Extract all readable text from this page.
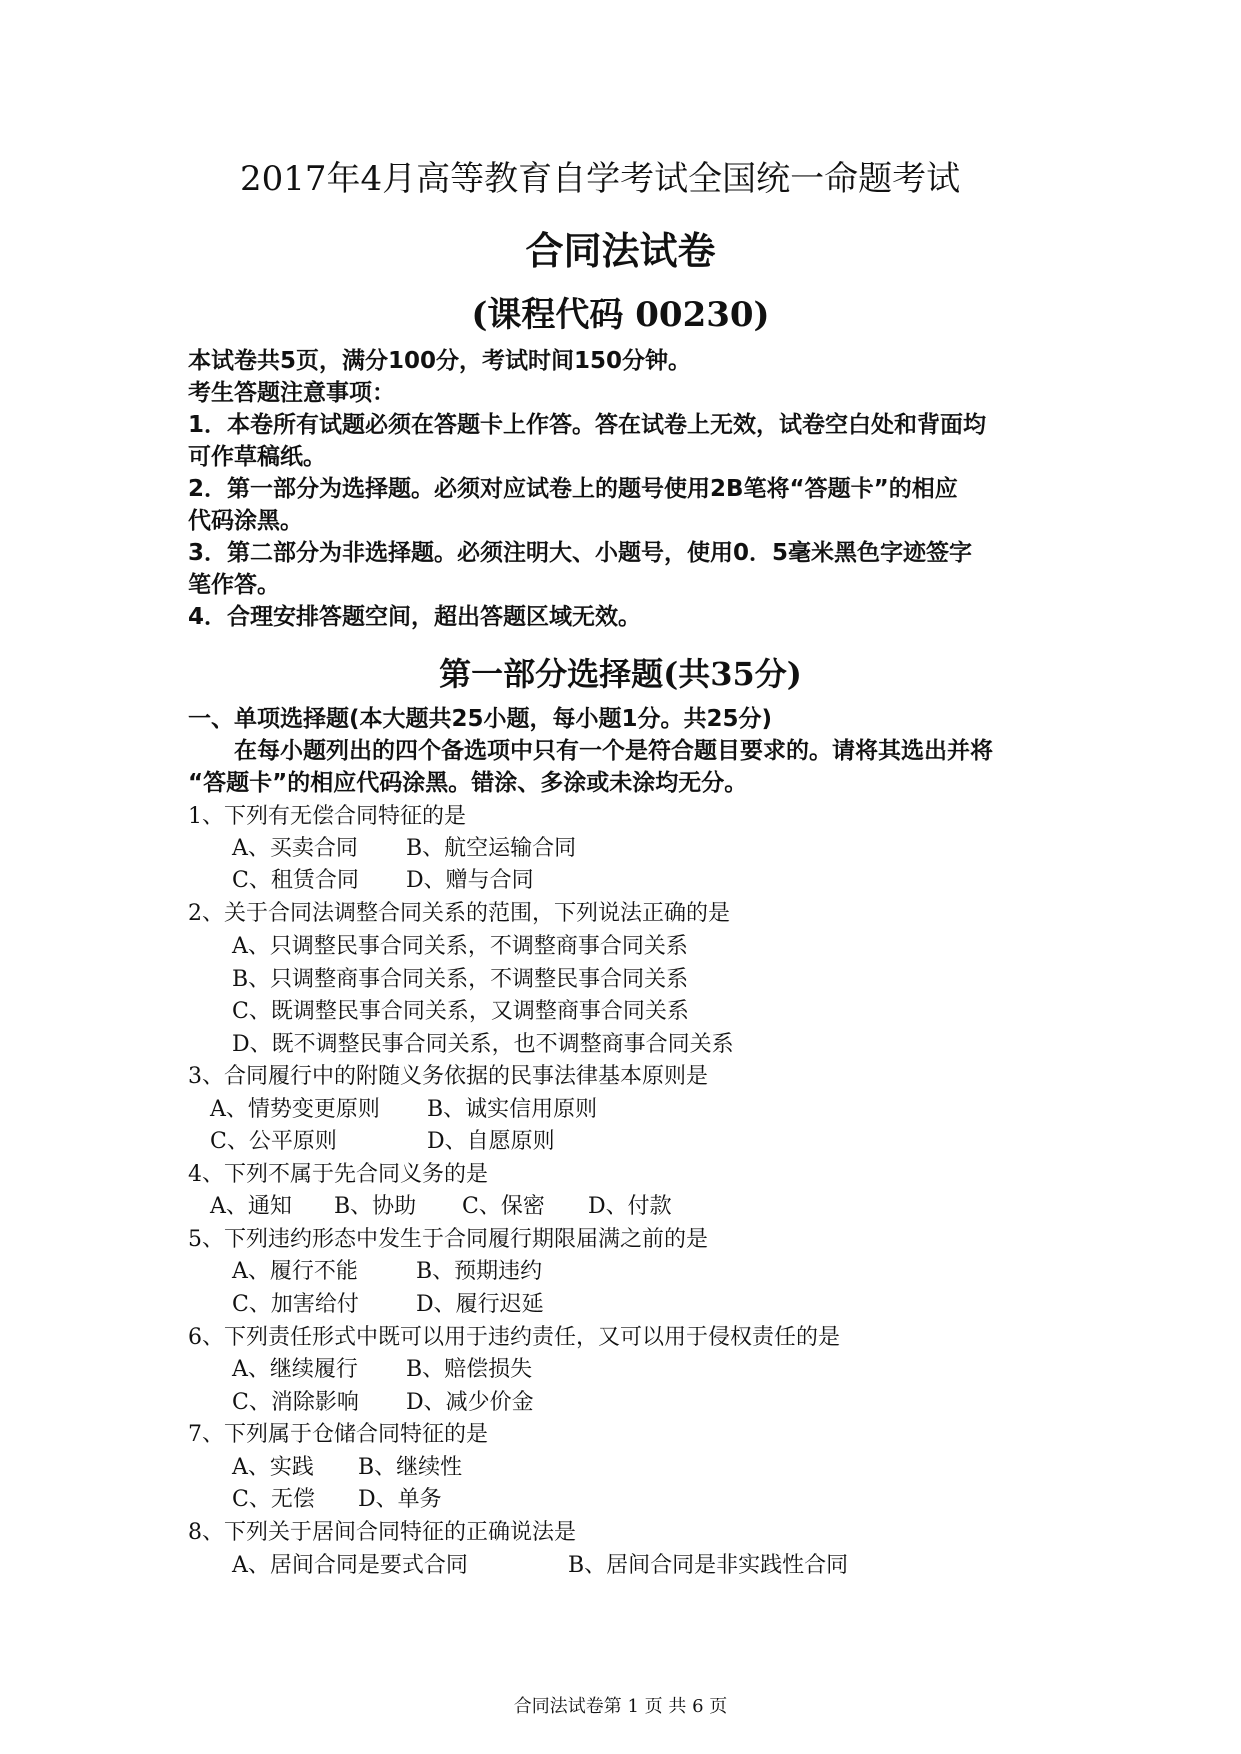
2017年4月高等教育自学考试全国统一命题考试
合同法试卷
(课程代码 00230)
本试卷共5页，满分100分，考试时间150分钟。
考生答题注意事项：
1．本卷所有试题必须在答题卡上作答。答在试卷上无效，试卷空白处和背面均
可作草稿纸。
2．第一部分为选择题。必须对应试卷上的题号使用2B笔将“答题卡”的相应
代码涂黑。
3．第二部分为非选择题。必须注明大、小题号，使用0．5毫米黑色字迹签字
笔作答。
4．合理安排答题空间，超出答题区域无效。
第一部分选择题(共35分)
一、单项选择题(本大题共25小题，每小题1分。共25分)
在每小题列出的四个备选项中只有一个是符合题目要求的。请将其选出并将
“答题卡”的相应代码涂黑。错涂、多涂或未涂均无分。
1、下列有无偿合同特征的是
A、买卖合同 B、航空运输合同
C、租赁合同 D、赠与合同
2、关于合同法调整合同关系的范围，下列说法正确的是
A、只调整民事合同关系，不调整商事合同关系
B、只调整商事合同关系，不调整民事合同关系
C、既调整民事合同关系，又调整商事合同关系
D、既不调整民事合同关系，也不调整商事合同关系
3、合同履行中的附随义务依据的民事法律基本原则是
A、情势变更原则 B、诚实信用原则
C、公平原则	D、自愿原则
4、下列不属于先合同义务的是
A、通知 B、协助 C、保密 D、付款
5、下列违约形态中发生于合同履行期限届满之前的是
A、履行不能	B、预期违约
C、加害给付	D、履行迟延
6、下列责任形式中既可以用于违约责任，又可以用于侵权责任的是
A、继续履行 B、赔偿损失
C、消除影响 D、减少价金
7、下列属于仓储合同特征的是
A、实践 B、继续性
C、无偿 D、单务
8、下列关于居间合同特征的正确说法是
A、居间合同是要式合同	B、居间合同是非实践性合同
合同法试卷第 1 页 共 6 页
